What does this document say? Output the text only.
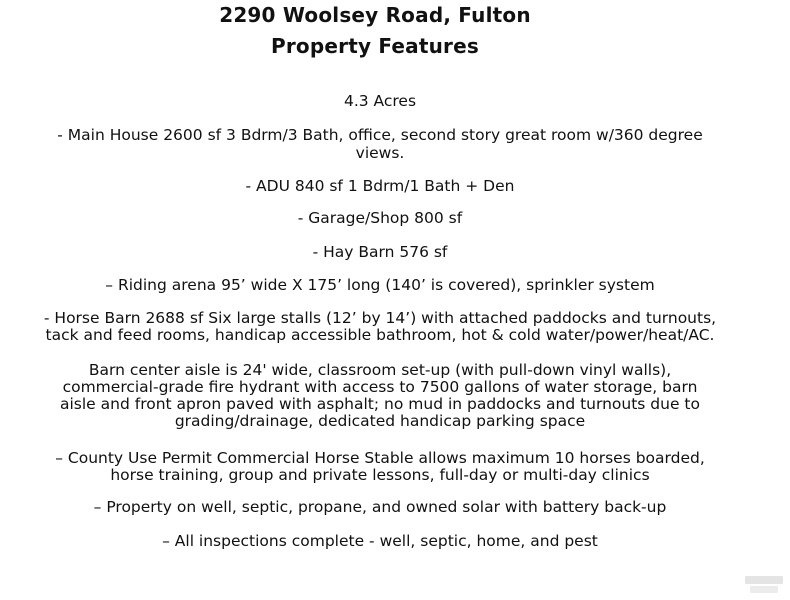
2290 Woolsey Road, Fulton
Property Features
4.3 Acres
- Main House 2600 sf 3 Bdrm/3 Bath, office, second story great room w/360 degree
views.
- ADU 840 sf 1 Bdrm/1 Bath + Den
- Garage/Shop 800 sf
- Hay Barn 576 sf
– Riding arena 95’ wide X 175’ long (140’ is covered), sprinkler system
- Horse Barn 2688 sf Six large stalls (12’ by 14’) with attached paddocks and turnouts,
tack and feed rooms, handicap accessible bathroom, hot & cold water/power/heat/AC.
Barn center aisle is 24' wide, classroom set-up (with pull-down vinyl walls),
commercial-grade fire hydrant with access to 7500 gallons of water storage, barn
aisle and front apron paved with asphalt; no mud in paddocks and turnouts due to
grading/drainage, dedicated handicap parking space
– County Use Permit Commercial Horse Stable allows maximum 10 horses boarded,
horse training, group and private lessons, full-day or multi-day clinics
– Property on well, septic, propane, and owned solar with battery back-up
– All inspections complete - well, septic, home, and pest
